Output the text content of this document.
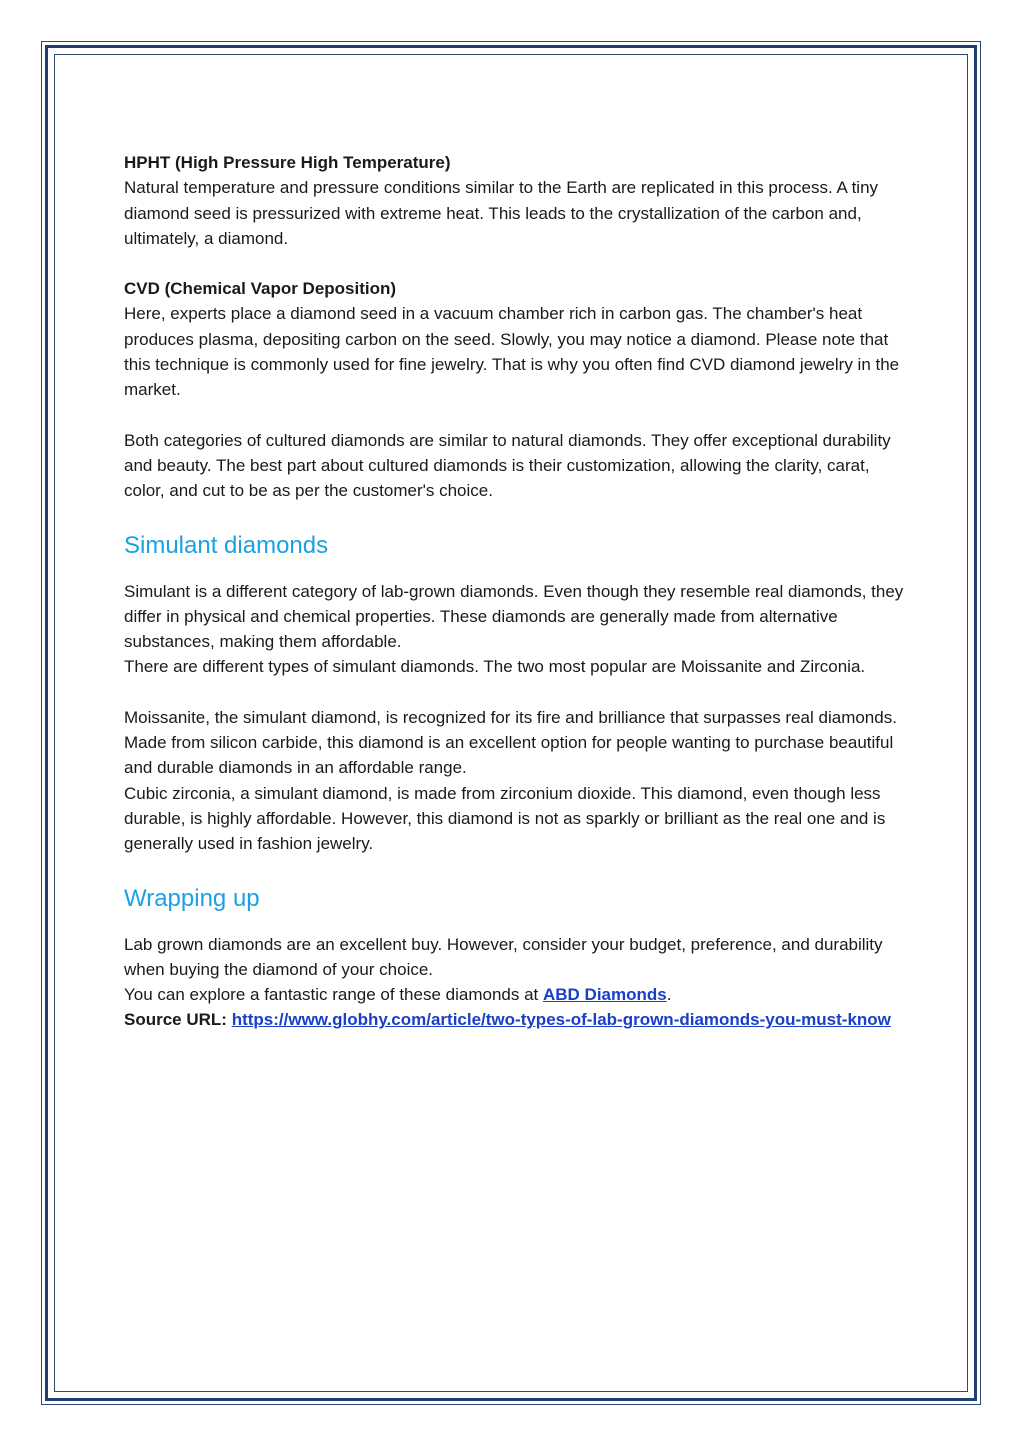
HPHT (High Pressure High Temperature)

Natural temperature and pressure conditions similar to the Earth are replicated in this process. A tiny diamond seed is pressurized with extreme heat. This leads to the crystallization of the carbon and, ultimately, a diamond.

CVD (Chemical Vapor Deposition)

Here, experts place a diamond seed in a vacuum chamber rich in carbon gas. The chamber's heat produces plasma, depositing carbon on the seed. Slowly, you may notice a diamond. Please note that this technique is commonly used for fine jewelry. That is why you often find CVD diamond jewelry in the market.

Both categories of cultured diamonds are similar to natural diamonds. They offer exceptional durability and beauty. The best part about cultured diamonds is their customization, allowing the clarity, carat, color, and cut to be as per the customer's choice.

Simulant diamonds

Simulant is a different category of lab-grown diamonds. Even though they resemble real diamonds, they differ in physical and chemical properties. These diamonds are generally made from alternative substances, making them affordable.

There are different types of simulant diamonds. The two most popular are Moissanite and Zirconia.

Moissanite, the simulant diamond, is recognized for its fire and brilliance that surpasses real diamonds. Made from silicon carbide, this diamond is an excellent option for people wanting to purchase beautiful and durable diamonds in an affordable range.

Cubic zirconia, a simulant diamond, is made from zirconium dioxide. This diamond, even though less durable, is highly affordable. However, this diamond is not as sparkly or brilliant as the real one and is generally used in fashion jewelry.

Wrapping up

Lab grown diamonds are an excellent buy. However, consider your budget, preference, and durability when buying the diamond of your choice.

You can explore a fantastic range of these diamonds at ABD Diamonds.

Source URL: https://www.globhy.com/article/two-types-of-lab-grown-diamonds-you-must-know
